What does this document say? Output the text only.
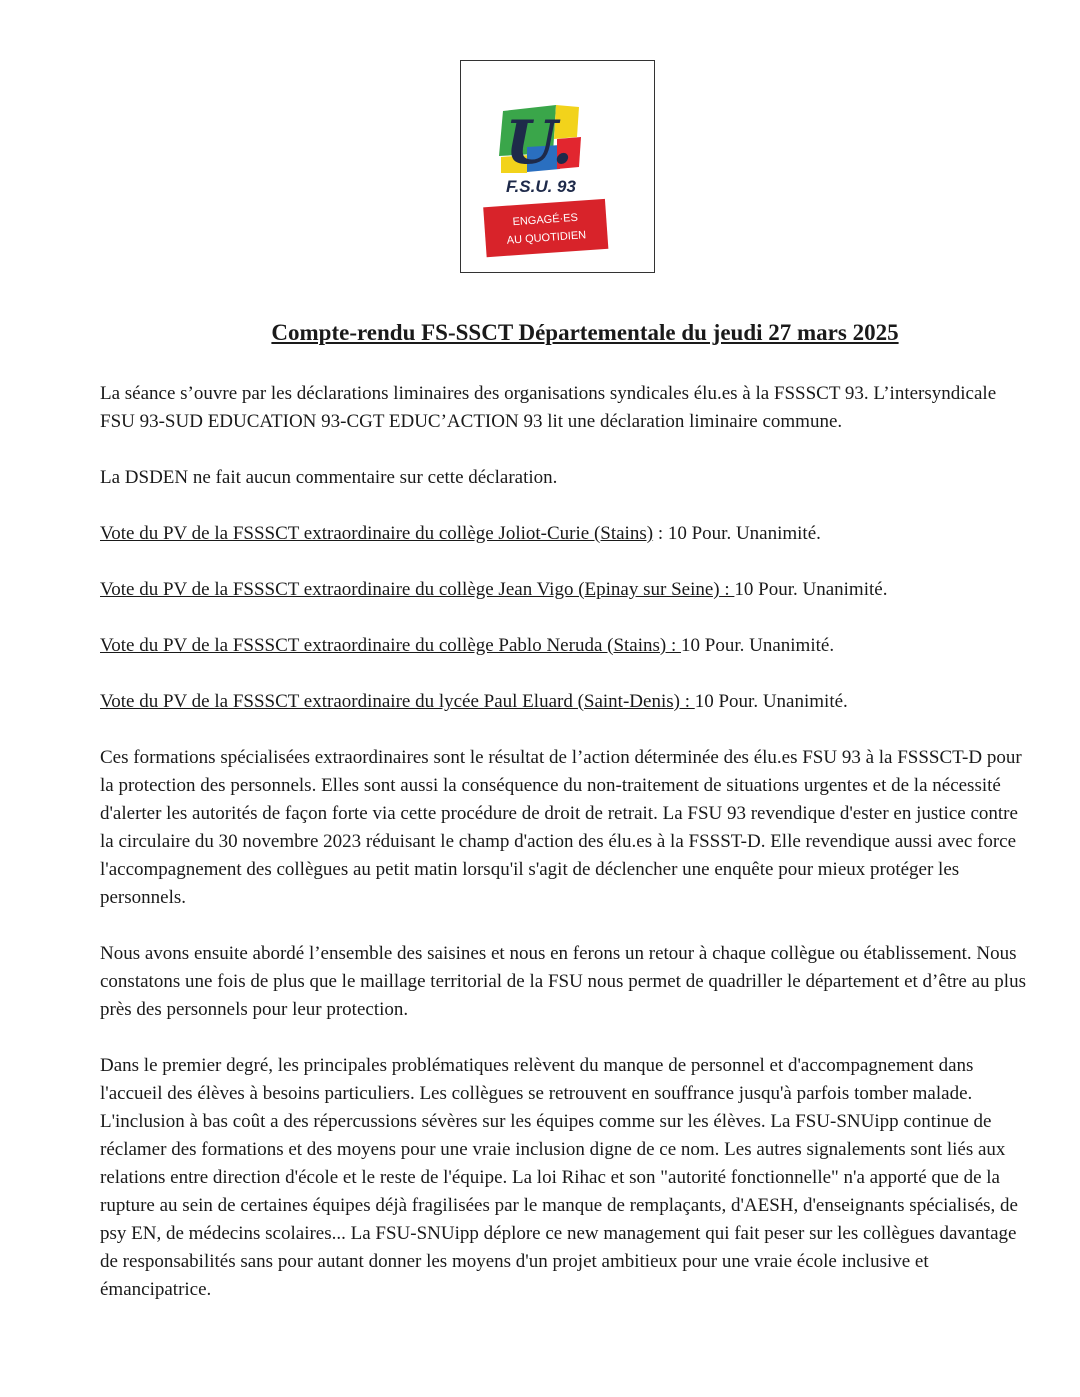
U.
F.S.U. 93
ENGAGÉ·ES
AU QUOTIDIEN
Compte-rendu FS-SSCT Départementale du jeudi 27 mars 2025

La séance s’ouvre par les déclarations liminaires des organisations syndicales élu.es à la FSSSCT 93. L’intersyndicale FSU 93-SUD EDUCATION 93-CGT EDUC’ACTION 93 lit une déclaration liminaire commune.

La DSDEN ne fait aucun commentaire sur cette déclaration.

Vote du PV de la FSSSCT extraordinaire du collège Joliot-Curie (Stains) : 10 Pour. Unanimité.

Vote du PV de la FSSSCT extraordinaire du collège Jean Vigo (Epinay sur Seine) : 10 Pour. Unanimité.

Vote du PV de la FSSSCT extraordinaire du collège Pablo Neruda (Stains) : 10 Pour. Unanimité.

Vote du PV de la FSSSCT extraordinaire du lycée Paul Eluard (Saint-Denis) : 10 Pour. Unanimité.

Ces formations spécialisées extraordinaires sont le résultat de l’action déterminée des élu.es FSU 93 à la FSSSCT-D pour la protection des personnels. Elles sont aussi la conséquence du non-traitement de situations urgentes et de la nécessité d'alerter les autorités de façon forte via cette procédure de droit de retrait. La FSU 93 revendique d'ester en justice contre la circulaire du 30 novembre 2023 réduisant le champ d'action des élu.es à la FSSST-D. Elle revendique aussi avec force l'accompagnement des collègues au petit matin lorsqu'il s'agit de déclencher une enquête pour mieux protéger les personnels.

Nous avons ensuite abordé l’ensemble des saisines et nous en ferons un retour à chaque collègue ou établissement. Nous constatons une fois de plus que le maillage territorial de la FSU nous permet de quadriller le département et d’être au plus près des personnels pour leur protection.

Dans le premier degré, les principales problématiques relèvent du manque de personnel et d'accompagnement dans l'accueil des élèves à besoins particuliers. Les collègues se retrouvent en souffrance jusqu'à parfois tomber malade. L'inclusion à bas coût a des répercussions sévères sur les équipes comme sur les élèves. La FSU-SNUipp continue de réclamer des formations et des moyens pour une vraie inclusion digne de ce nom. Les autres signalements sont liés aux relations entre direction d'école et le reste de l'équipe. La loi Rihac et son "autorité fonctionnelle" n'a apporté que de la rupture au sein de certaines équipes déjà fragilisées par le manque de remplaçants, d'AESH, d'enseignants spécialisés, de psy EN, de médecins scolaires... La FSU-SNUipp déplore ce new management qui fait peser sur les collègues davantage de responsabilités sans pour autant donner les moyens d'un projet ambitieux pour une vraie école inclusive et émancipatrice.
